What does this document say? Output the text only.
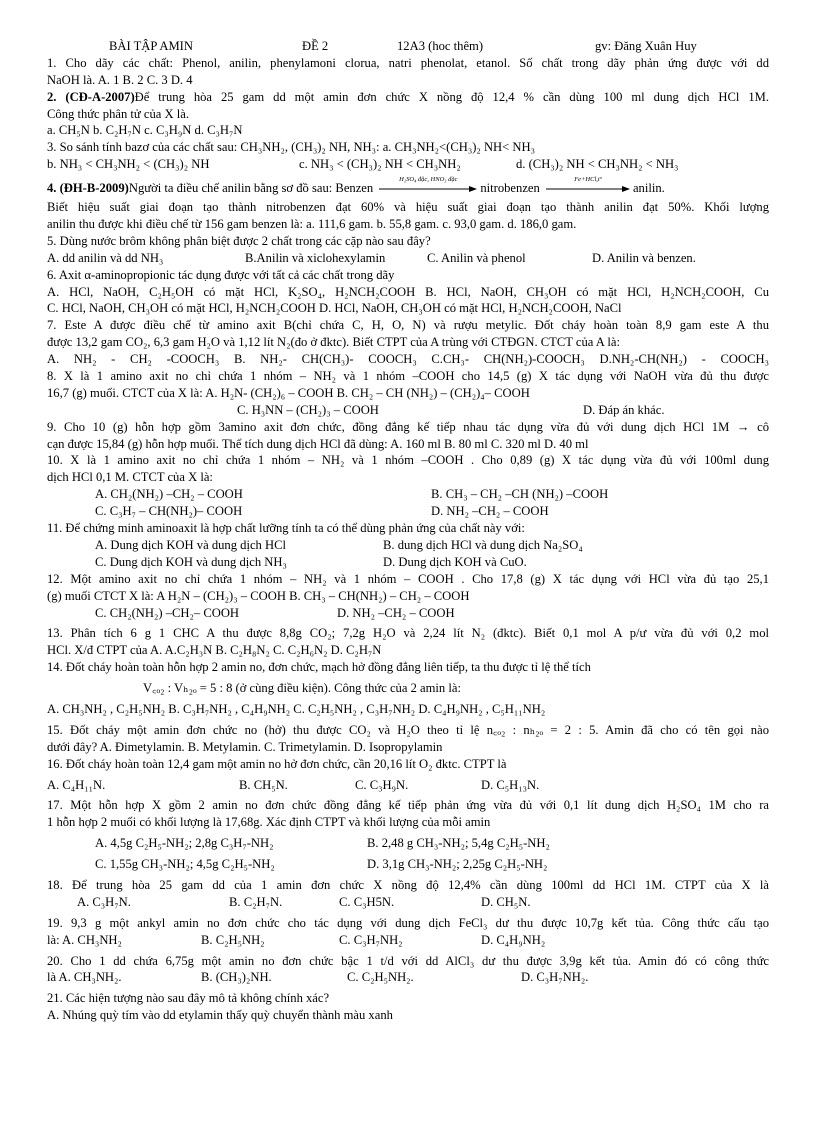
BÀI TẬP AMIN	ĐỀ 2	12A3 (hoc thêm)	gv: Đăng Xuân Huy
1. Cho dãy các chất: Phenol, anilin, phenylamoni clorua, natri phenolat, etanol. Số chất trong dãy phản ứng được với dd
NaOH là. A. 1 B. 2 C. 3 D. 4
2. (CĐ-A-2007)Để trung hòa 25 gam dd một amin đơn chức X nồng độ 12,4 % cần dùng 100 ml dung dịch HCl 1M.
Công thức phân tử của X là.
a. CH₅N b. C₂H₇N c. C₃H₉N d. C₃H₇N
3. So sánh tính bazơ của các chất sau: CH₃NH₂, (CH₃)₂ NH, NH₃: a. CH₃NH₂<(CH₃)₂ NH< NH₃
b. NH₃ < CH₃NH₂ < (CH₃)₂ NH	c. NH₃ < (CH₃)₂ NH < CH₃NH₂	d. (CH₃)₂ NH < CH₃NH₂ < NH₃
4. (ĐH-B-2009)Người ta điều chế anilin bằng sơ đồ sau: Benzen
H₂SO₄ đặc, HNO₃ đặc
nitrobenzen
Fe+HCl,tº
anilin.
Biết hiệu suất giai đoạn tạo thành nitrobenzen đạt 60% và hiệu suất giai đoạn tạo thành anilin đạt 50%. Khối lượng
anilin thu được khi điều chế từ 156 gam benzen là: a. 111,6 gam. b. 55,8 gam. c. 93,0 gam. d. 186,0 gam.
5. Dùng nước brôm không phân biệt được 2 chất trong các cặp nào sau đây?
A. dd anilin và dd NH₃	B.Anilin và xiclohexylamin	C. Anilin và phenol	D. Anilin và benzen.
6. Axit α-aminopropionic tác dụng được với tất cả các chất trong dãy
A. HCl, NaOH, C₂H₅OH có mặt HCl, K₂SO₄, H₂NCH₂COOH B. HCl, NaOH, CH₃OH có mặt HCl, H₂NCH₂COOH, Cu
C. HCl, NaOH, CH₃OH có mặt HCl, H₂NCH₂COOH D. HCl, NaOH, CH₃OH có mặt HCl, H₂NCH₂COOH, NaCl
7. Este A được điều chế từ amino axit B(chỉ chứa C, H, O, N) và rượu metylic. Đốt cháy hoàn toàn 8,9 gam este A thu
được 13,2 gam CO₂, 6,3 gam H₂O và 1,12 lít N₂(đo ở đktc). Biết CTPT của A trùng với CTĐGN. CTCT của A là:
A. NH₂ - CH₂ -COOCH₃ B. NH₂- CH(CH₃)- COOCH₃ C.CH₃- CH(NH₂)-COOCH₃ D.NH₂-CH(NH₂) - COOCH₃
8. X là 1 amino axit no chỉ chứa 1 nhóm – NH₂ và 1 nhóm –COOH cho 14,5 (g) X tác dụng với NaOH vừa đủ thu được
16,7 (g) muối. CTCT của X là: A. H₂N- (CH₂)₆ – COOH B. CH₂ – CH (NH₂) – (CH₂)₄– COOH
C. H₃NN – (CH₂)₃ – COOH	D. Đáp án khác.
9. Cho 10 (g) hỗn hợp gồm 3amino axit đơn chức, đồng đẳng kế tiếp nhau tác dụng vừa đủ với dung dịch HCl 1M → cô
cạn được 15,84 (g) hỗn hợp muối. Thể tích dung dịch HCl đã dùng: A. 160 ml B. 80 ml C. 320 ml D. 40 ml
10. X là 1 amino axit no chỉ chứa 1 nhóm – NH₂ và 1 nhóm –COOH . Cho 0,89 (g) X tác dụng vừa đủ với 100ml dung
dịch HCl 0,1 M. CTCT của X là:
A. CH₂(NH₂) –CH₂ – COOH	B. CH₃ – CH₂ –CH (NH₂) –COOH
C. C₃H₇ – CH(NH₂)– COOH	D. NH₂ –CH₂ – COOH
11. Để chứng minh aminoaxit là hợp chất lưỡng tính ta có thể dùng phản ứng của chất này với:
A. Dung dịch KOH và dung dịch HCl	B. dung dịch HCl và dung dịch Na₂SO₄
C. Dung dịch KOH và dung dịch NH₃	D. Dung dịch KOH và CuO.
12. Một amino axit no chỉ chứa 1 nhóm – NH₂ và 1 nhóm – COOH . Cho 17,8 (g) X tác dụng với HCl vừa đủ tạo 25,1
(g) muối CTCT X là: A H₂N – (CH₂)₃ – COOH B. CH₃ – CH(NH₂) – CH₂ – COOH
C. CH₂(NH₂) –CH₂– COOH	D. NH₂ –CH₂ – COOH
13. Phân tích 6 g 1 CHC A thu được 8,8g CO₂; 7,2g H₂O và 2,24 lít N₂ (đktc). Biết 0,1 mol A p/ư vừa đủ với 0,2 mol
HCl. X/đ CTPT của A. A.C₂H₃N B. C₂H₈N₂ C. C₂H₆N₂ D. C₂H₇N
14. Đốt cháy hoàn toàn hỗn hợp 2 amin no, đơn chức, mạch hở đồng đẳng liên tiếp, ta thu được tỉ lệ thể tích
V꜀ₒ₂ : Vₕ₂ₒ = 5 : 8 (ở cùng điều kiện). Công thức của 2 amin là:
A. CH₃NH₂ , C₂H₅NH₂ B. C₃H₇NH₂ , C₄H₉NH₂ C. C₂H₅NH₂ , C₃H₇NH₂ D. C₄H₉NH₂ , C₅H₁₁NH₂
15. Đốt cháy một amin đơn chức no (hở) thu được CO₂ và H₂O theo tỉ lệ n꜀ₒ₂ : nₕ₂ₒ = 2 : 5. Amin đã cho có tên gọi nào
dưới đây? A. Đimetylamin. B. Metylamin. C. Trimetylamin. D. Isopropylamin
16. Đốt cháy hoàn toàn 12,4 gam một amin no hở đơn chức, cần 20,16 lít O₂ đktc. CTPT là
A. C₄H₁₁N.	B. CH₅N.	C. C₃H₉N.	D. C₅H₁₃N.
17. Một hỗn hợp X gồm 2 amin no đơn chức đồng đẳng kế tiếp phản ứng vừa đủ với 0,1 lít dung dịch H₂SO₄ 1M cho ra
1 hỗn hợp 2 muối có khối lượng là 17,68g. Xác định CTPT và khối lượng của mỗi amin
A. 4,5g C₂H₅-NH₂; 2,8g C₃H₇-NH₂	B. 2,48 g CH₃-NH₂; 5,4g C₂H₅-NH₂
C. 1,55g CH₃-NH₂; 4,5g C₂H₅-NH₂	D. 3,1g CH₃-NH₂; 2,25g C₂H₅-NH₂
18. Để trung hòa 25 gam dd của 1 amin đơn chức X nồng độ 12,4% cần dùng 100ml dd HCl 1M. CTPT của X là
A. C₃H₇N.	B. C₂H₇N.	C. C₃H5N.	D. CH₅N.
19. 9,3 g một ankyl amin no đơn chức cho tác dụng với dung dịch FeCl₃ dư thu được 10,7g kết tủa. Công thức cấu tạo
là: A. CH₃NH₂	B. C₂H₅NH₂	C. C₃H₇NH₂	D. C₄H₉NH₂
20. Cho 1 dd chứa 6,75g một amin no đơn chức bậc 1 t/d với dd AlCl₃ dư thu được 3,9g kết tủa. Amin đó có công thức
là A. CH₃NH₂.	B. (CH₃)₂NH.	C. C₂H₅NH₂.	D. C₃H₇NH₂.
21. Các hiện tượng nào sau đây mô tả không chính xác?
A. Nhúng quỳ tím vào dd etylamin thấy quỳ chuyển thành màu xanh
